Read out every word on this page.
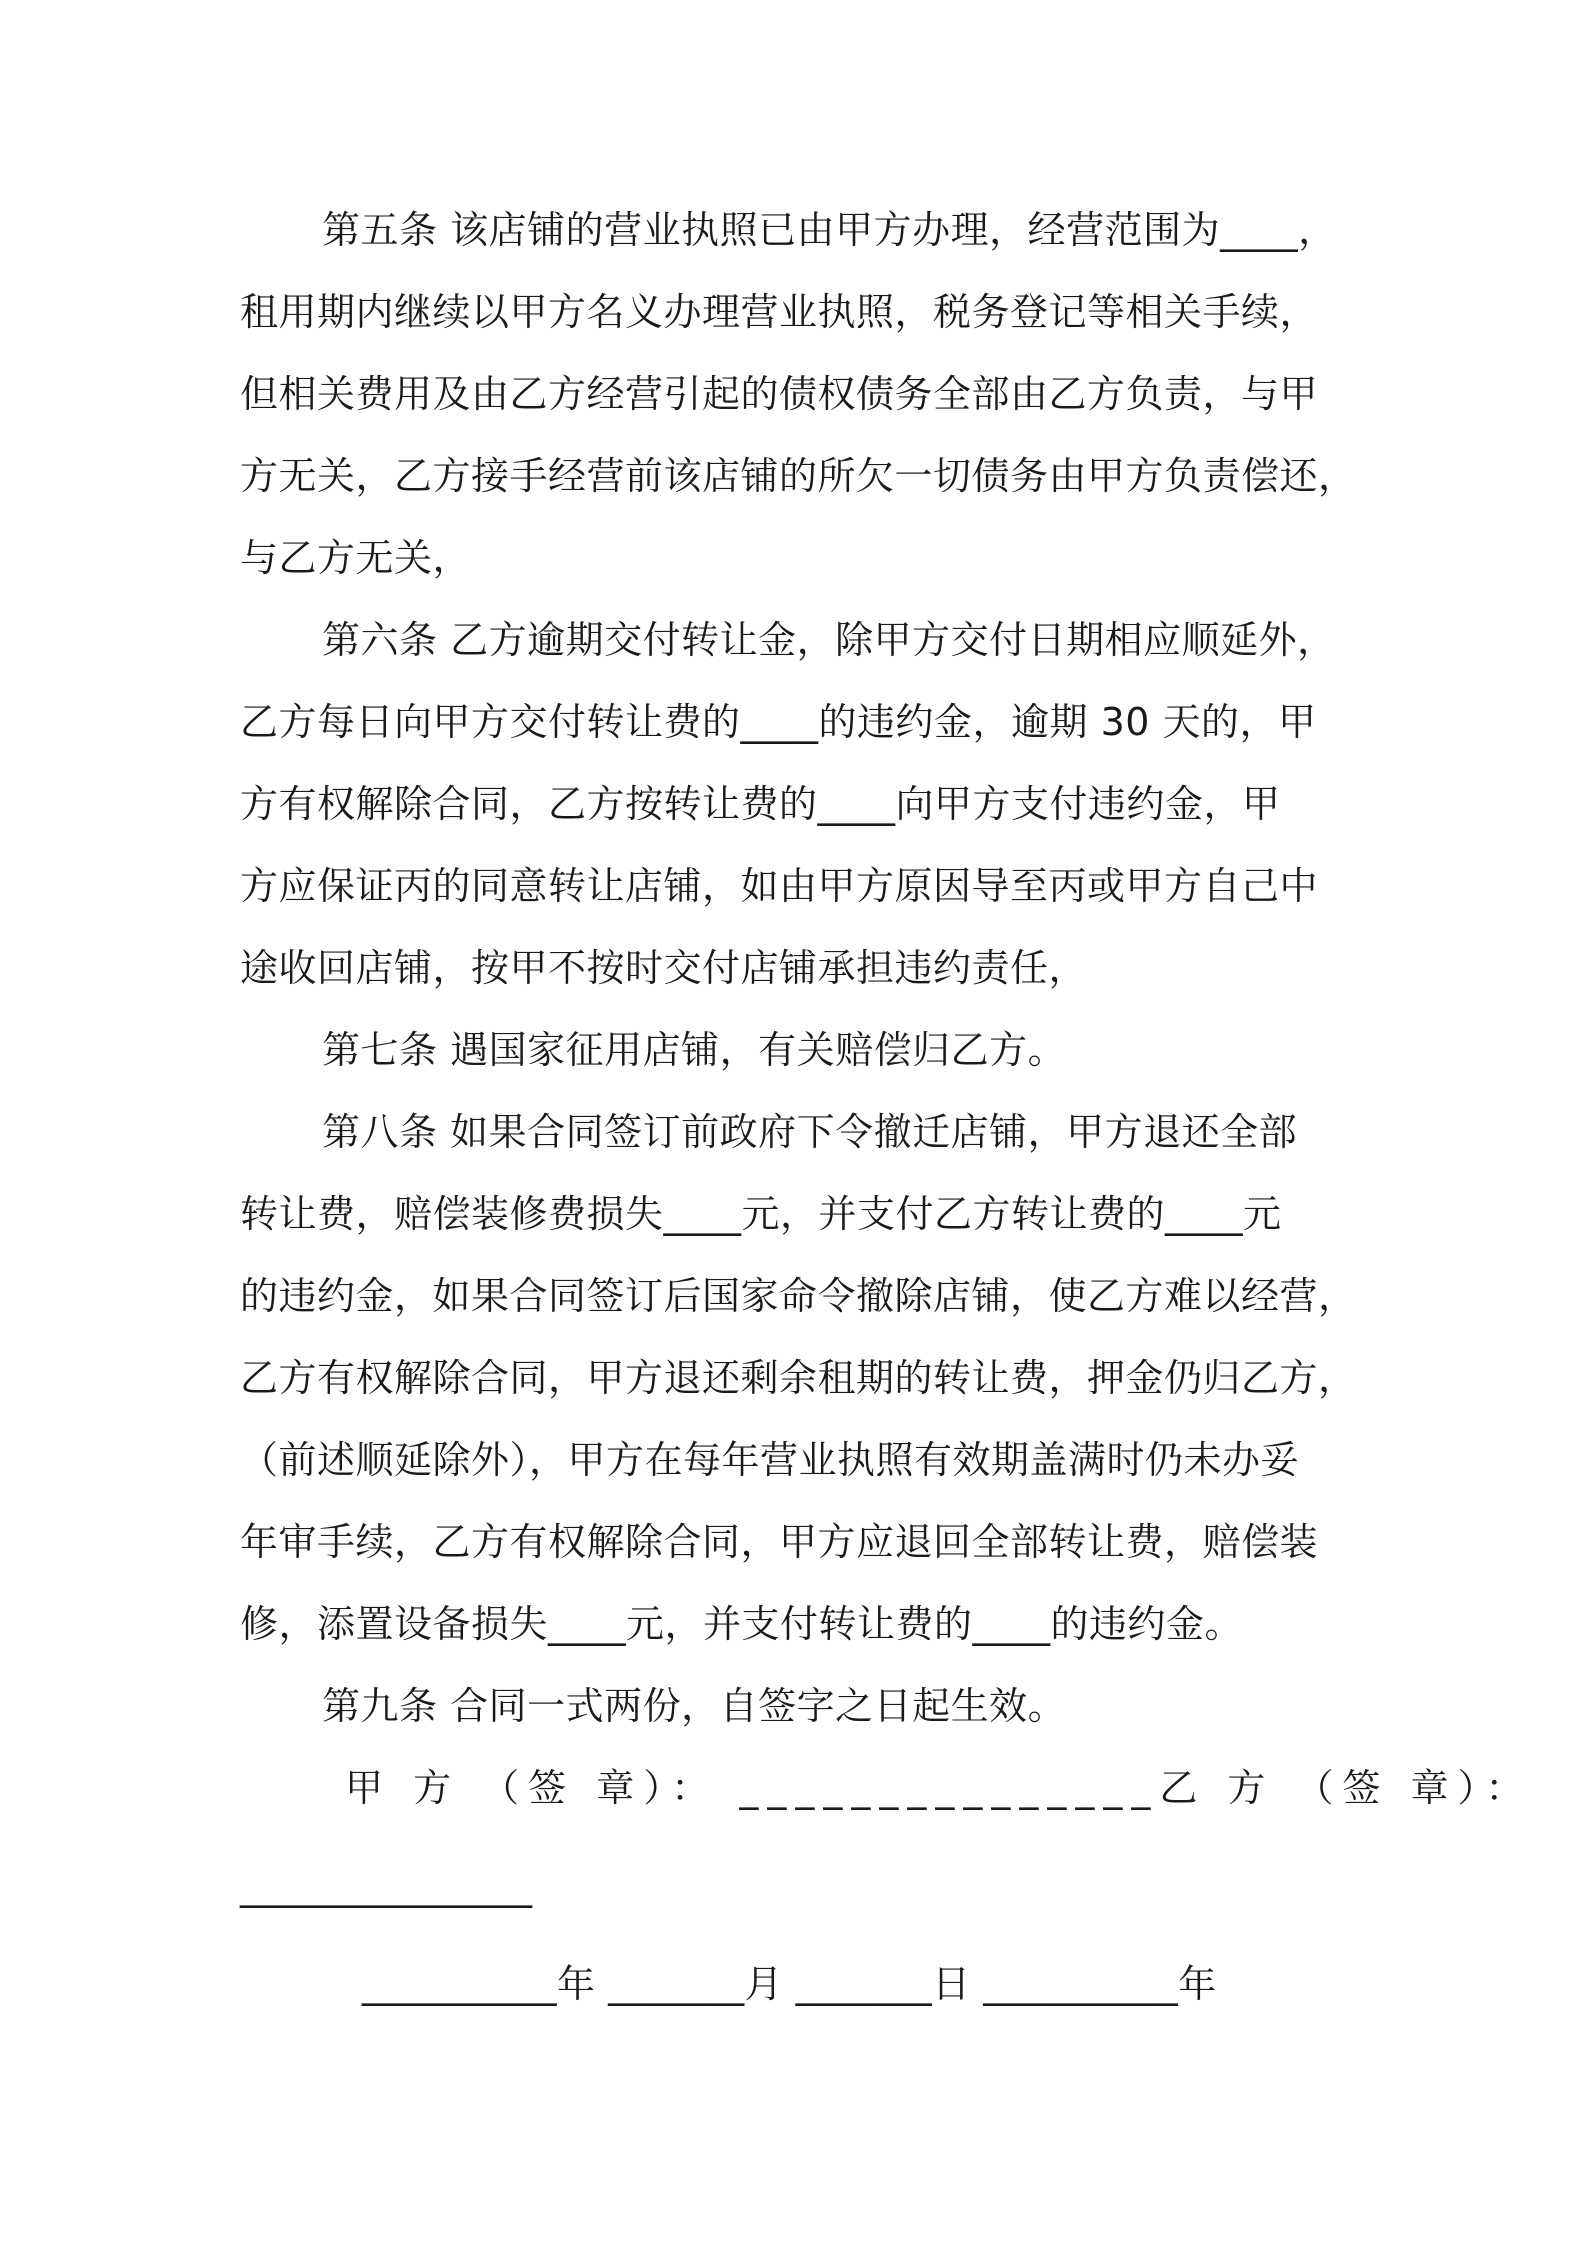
第五条 该店铺的营业执照已由甲方办理，经营范围为____，
租用期内继续以甲方名义办理营业执照，税务登记等相关手续，
但相关费用及由乙方经营引起的债权债务全部由乙方负责，与甲
方无关，乙方接手经营前该店铺的所欠一切债务由甲方负责偿还，
与乙方无关，
第六条 乙方逾期交付转让金，除甲方交付日期相应顺延外，
乙方每日向甲方交付转让费的____的违约金，逾期 30 天的，甲
方有权解除合同，乙方按转让费的____向甲方支付违约金，甲
方应保证丙的同意转让店铺，如由甲方原因导至丙或甲方自己中
途收回店铺，按甲不按时交付店铺承担违约责任，
第七条 遇国家征用店铺，有关赔偿归乙方。
第八条 如果合同签订前政府下令撤迁店铺，甲方退还全部
转让费，赔偿装修费损失____元，并支付乙方转让费的____元
的违约金，如果合同签订后国家命令撤除店铺，使乙方难以经营，
乙方有权解除合同，甲方退还剩余租期的转让费，押金仍归乙方，
（前述顺延除外），甲方在每年营业执照有效期盖满时仍未办妥
年审手续，乙方有权解除合同，甲方应退回全部转让费，赔偿装
修，添置设备损失____元，并支付转让费的____的违约金。
第九条 合同一式两份，自签字之日起生效。
甲 方 （签 章）： _______________乙 方 （签 章）：
_______________
__________年 _______月 _______日 __________年
